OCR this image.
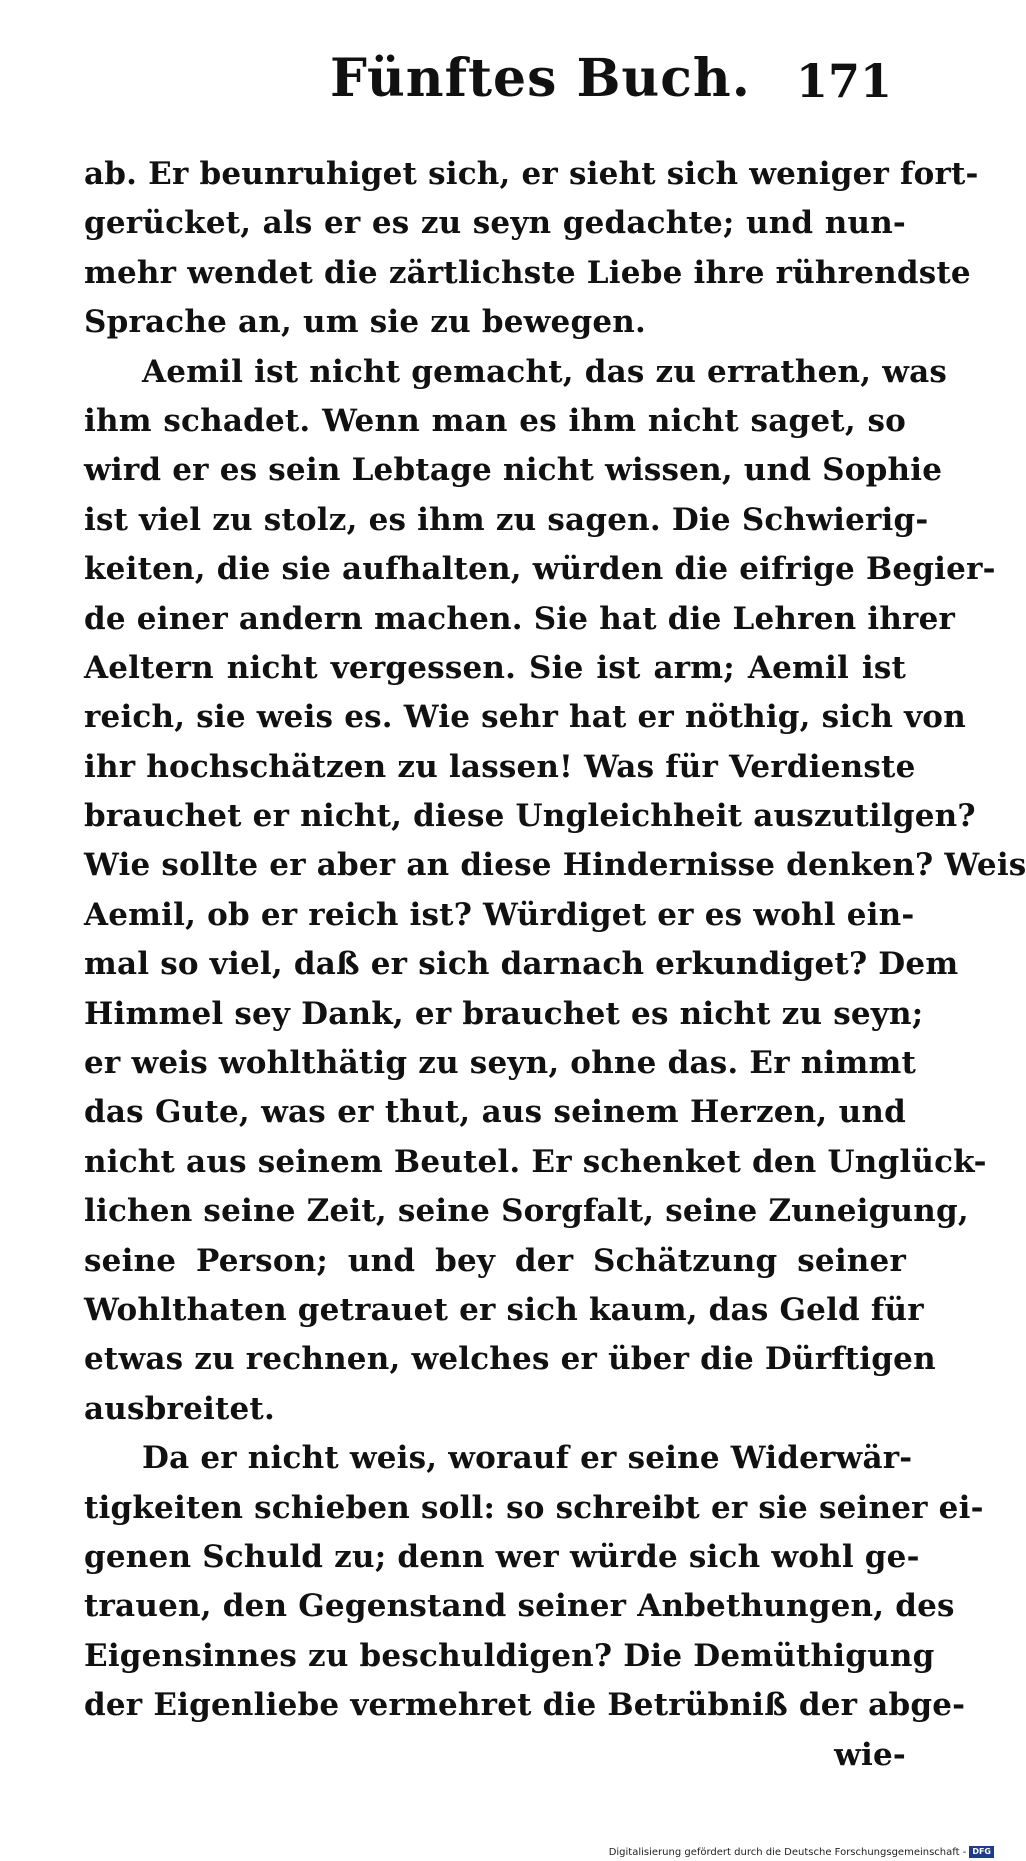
Fünftes Buch. 171
ab. Er beunruhiget sich, er sieht sich weniger fort-
gerücket, als er es zu seyn gedachte; und nun-
mehr wendet die zärtlichste Liebe ihre rührendste
Sprache an, um sie zu bewegen.
Aemil ist nicht gemacht, das zu errathen, was
ihm schadet. Wenn man es ihm nicht saget, so
wird er es sein Lebtage nicht wissen, und Sophie
ist viel zu stolz, es ihm zu sagen. Die Schwierig-
keiten, die sie aufhalten, würden die eifrige Begier-
de einer andern machen. Sie hat die Lehren ihrer
Aeltern nicht vergessen. Sie ist arm; Aemil ist
reich, sie weis es. Wie sehr hat er nöthig, sich von
ihr hochschätzen zu lassen! Was für Verdienste
brauchet er nicht, diese Ungleichheit auszutilgen?
Wie sollte er aber an diese Hindernisse denken? Weis
Aemil, ob er reich ist? Würdiget er es wohl ein-
mal so viel, daß er sich darnach erkundiget? Dem
Himmel sey Dank, er brauchet es nicht zu seyn;
er weis wohlthätig zu seyn, ohne das. Er nimmt
das Gute, was er thut, aus seinem Herzen, und
nicht aus seinem Beutel. Er schenket den Unglück-
lichen seine Zeit, seine Sorgfalt, seine Zuneigung,
seine Person; und bey der Schätzung seiner
Wohlthaten getrauet er sich kaum, das Geld für
etwas zu rechnen, welches er über die Dürftigen
ausbreitet.
Da er nicht weis, worauf er seine Widerwär-
tigkeiten schieben soll: so schreibt er sie seiner ei-
genen Schuld zu; denn wer würde sich wohl ge-
trauen, den Gegenstand seiner Anbethungen, des
Eigensinnes zu beschuldigen? Die Demüthigung
der Eigenliebe vermehret die Betrübniß der abge-
wie-
Digitalisierung gefördert durch die Deutsche Forschungsgemeinschaft - DFG
